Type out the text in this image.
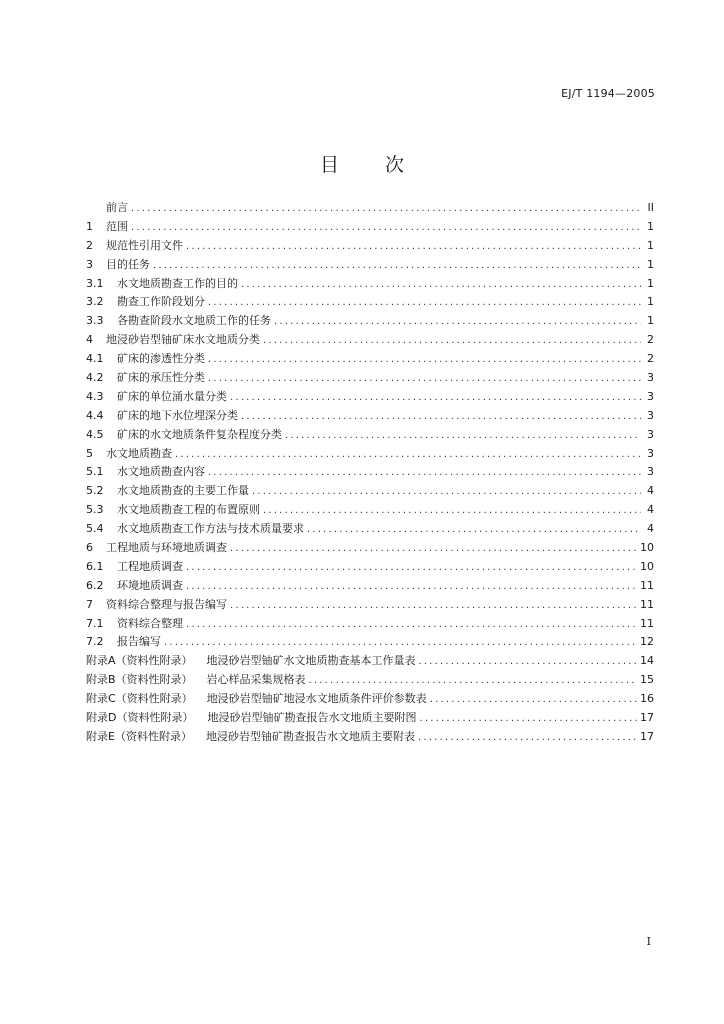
EJ/T 1194—2005
目 次
前言 .....	II
1	范围 .....	1
2	规范性引用文件 .....	1
3	目的任务 .....	1
3.1	水文地质勘查工作的目的 .....	1
3.2	勘查工作阶段划分 .....	1
3.3	各勘查阶段水文地质工作的任务 .....	1
4	地浸砂岩型铀矿床水文地质分类 .....	2
4.1	矿床的渗透性分类 .....	2
4.2	矿床的承压性分类 .....	3
4.3	矿床的单位涌水量分类 .....	3
4.4	矿床的地下水位埋深分类 .....	3
4.5	矿床的水文地质条件复杂程度分类 .....	3
5	水文地质勘查 .....	3
5.1	水文地质勘查内容 .....	3
5.2	水文地质勘查的主要工作量 .....	4
5.3	水文地质勘查工程的布置原则 .....	4
5.4	水文地质勘查工作方法与技术质量要求 .....	4
6	工程地质与环境地质调查 .....	10
6.1	工程地质调查 .....	10
6.2	环境地质调查 .....	11
7	资料综合整理与报告编写 .....	11
7.1	资料综合整理 .....	11
7.2	报告编写 .....	12
附录A（资料性附录） 地浸砂岩型铀矿水文地质勘查基本工作量表 .....	14
附录B（资料性附录） 岩心样品采集规格表 .....	15
附录C（资料性附录） 地浸砂岩型铀矿地浸水文地质条件评价参数表 .....	16
附录D（资料性附录） 地浸砂岩型铀矿勘查报告水文地质主要附图 .....	17
附录E（资料性附录） 地浸砂岩型铀矿勘查报告水文地质主要附表 .....	17
I
